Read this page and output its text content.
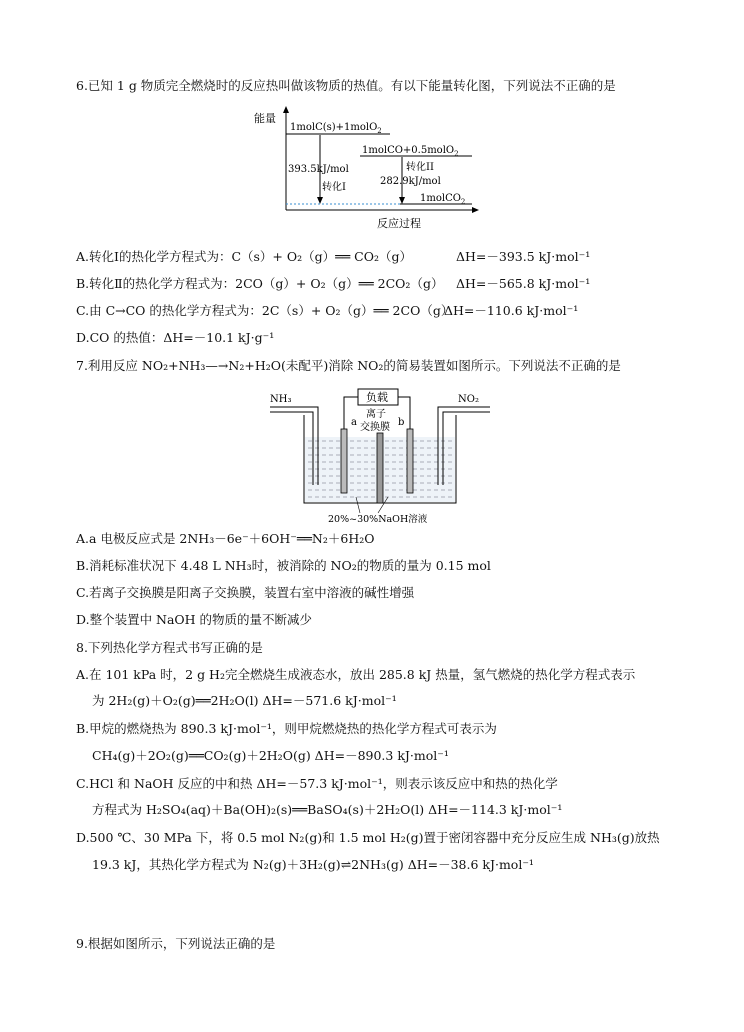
6.已知 1 g 物质完全燃烧时的反应热叫做该物质的热值。有以下能量转化图，下列说法不正确的是
能量
反应过程
1molC(s)+1molO$_2$
1molCO+0.5molO$_2$
1molCO$_2$
393.5kJ/mol
转化I
转化II
282.9kJ/mol
A.转化Ⅰ的热化学方程式为：C（s）+ O₂（g）══ CO₂（g）	ΔH=－393.5 kJ·mol⁻¹
B.转化Ⅱ的热化学方程式为：2CO（g）+ O₂（g）══ 2CO₂（g） ΔH=－565.8 kJ·mol⁻¹
C.由 C→CO 的热化学方程式为：2C（s）+ O₂（g）══ 2CO（g）
ΔH=－110.6 kJ·mol⁻¹
D.CO 的热值：ΔH=－10.1 kJ·g⁻¹
7.利用反应 NO₂+NH₃—→N₂+H₂O(未配平)消除 NO₂的简易装置如图所示。下列说法不正确的是
负载
a	b
离子
交换膜
NH₃	NO₂
20%~30%NaOH溶液
A.a 电极反应式是 2NH₃－6e⁻＋6OH⁻══N₂＋6H₂O
B.消耗标准状况下 4.48 L NH₃时，被消除的 NO₂的物质的量为 0.15 mol
C.若离子交换膜是阳离子交换膜，装置右室中溶液的碱性增强
D.整个装置中 NaOH 的物质的量不断减少
8.下列热化学方程式书写正确的是
A.在 101 kPa 时，2 g H₂完全燃烧生成液态水，放出 285.8 kJ 热量，氢气燃烧的热化学方程式表示
为 2H₂(g)＋O₂(g)══2H₂O(l) ΔH=－571.6 kJ·mol⁻¹
B.甲烷的燃烧热为 890.3 kJ·mol⁻¹，则甲烷燃烧热的热化学方程式可表示为
CH₄(g)＋2O₂(g)══CO₂(g)＋2H₂O(g) ΔH=－890.3 kJ·mol⁻¹
C.HCl 和 NaOH 反应的中和热 ΔH=－57.3 kJ·mol⁻¹，则表示该反应中和热的热化学
方程式为 H₂SO₄(aq)＋Ba(OH)₂(s)══BaSO₄(s)＋2H₂O(l) ΔH=－114.3 kJ·mol⁻¹
D.500 ℃、30 MPa 下，将 0.5 mol N₂(g)和 1.5 mol H₂(g)置于密闭容器中充分反应生成 NH₃(g)放热
19.3 kJ，其热化学方程式为 N₂(g)＋3H₂(g)⇌2NH₃(g) ΔH=－38.6 kJ·mol⁻¹
9.根据如图所示，下列说法正确的是
